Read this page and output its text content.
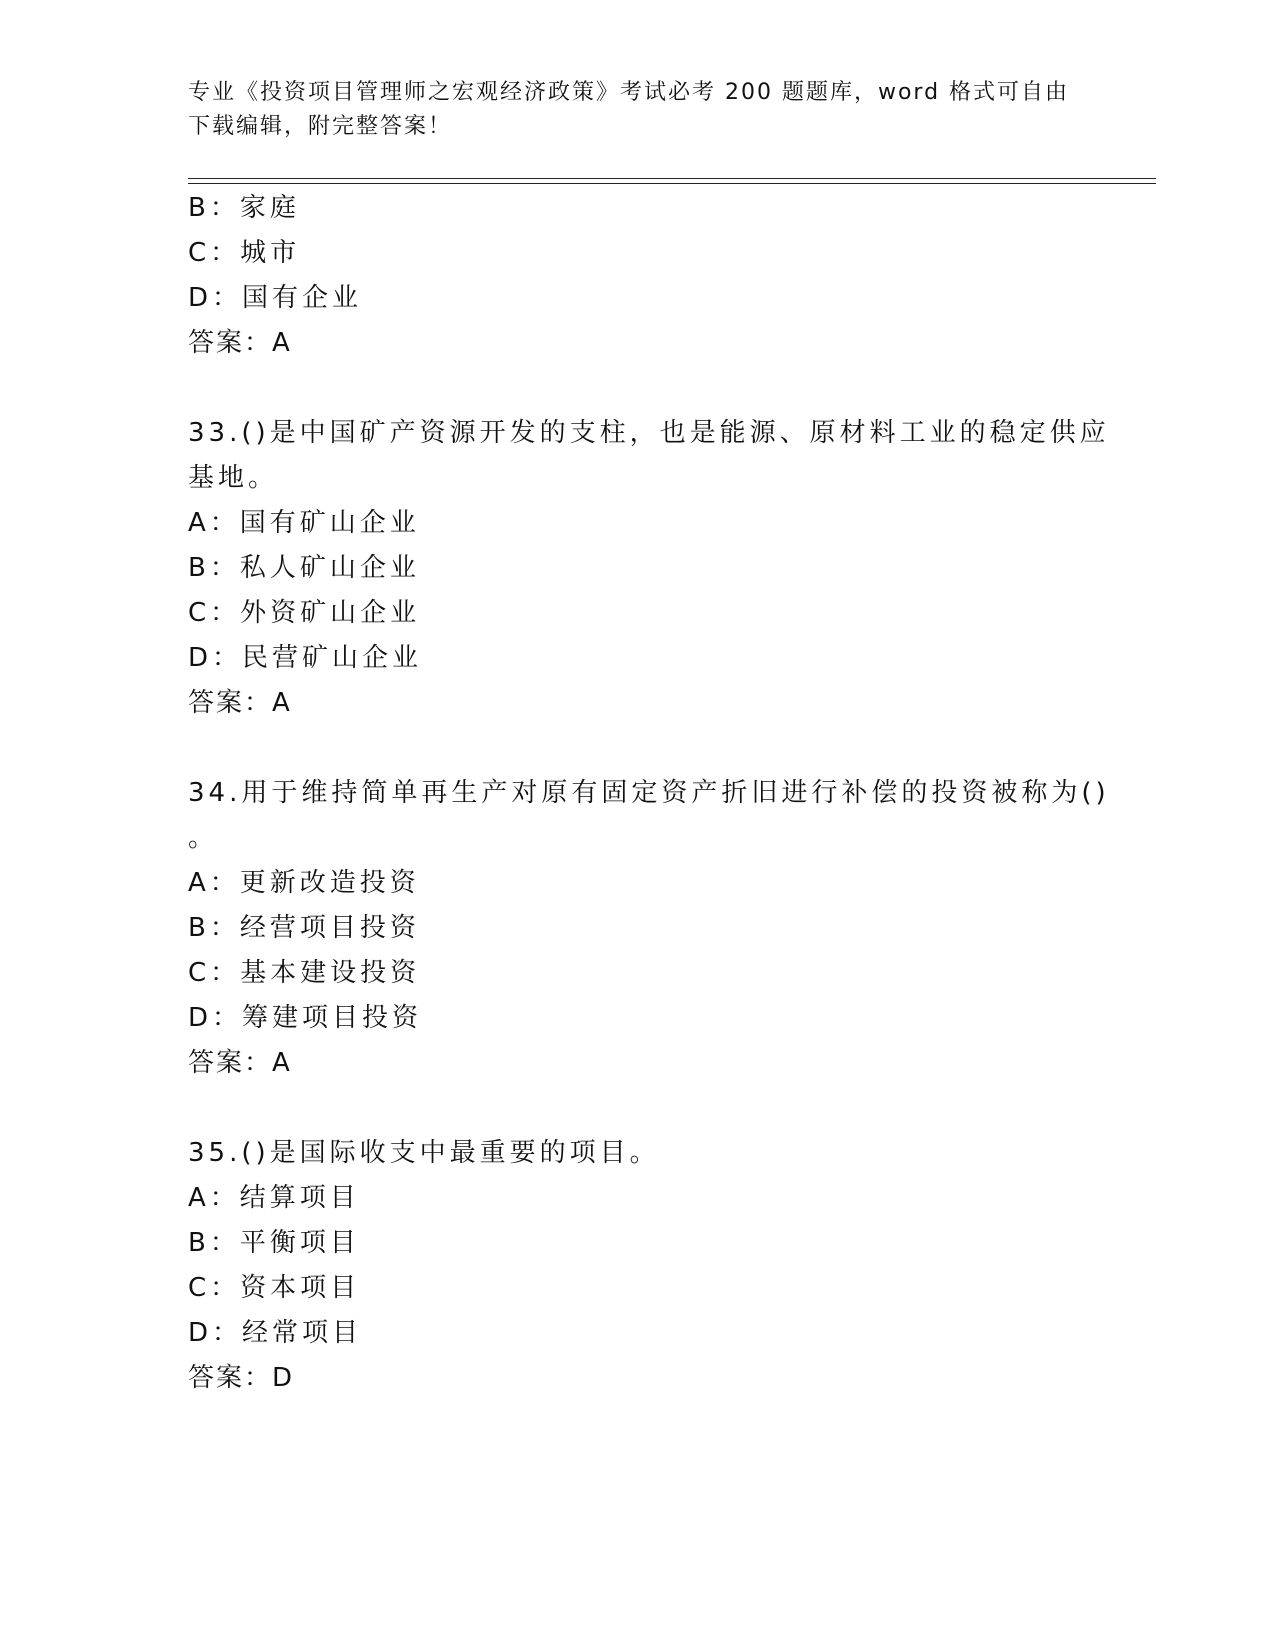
专业《投资项目管理师之宏观经济政策》考试必考 200 题题库，word 格式可自由
下载编辑，附完整答案！
B：家庭
C：城市
D：国有企业
答案：A
33.()是中国矿产资源开发的支柱，也是能源、原材料工业的稳定供应
基地。
A：国有矿山企业
B：私人矿山企业
C：外资矿山企业
D：民营矿山企业
答案：A
34.用于维持简单再生产对原有固定资产折旧进行补偿的投资被称为()
。
A：更新改造投资
B：经营项目投资
C：基本建设投资
D：筹建项目投资
答案：A
35.()是国际收支中最重要的项目。
A：结算项目
B：平衡项目
C：资本项目
D：经常项目
答案：D
